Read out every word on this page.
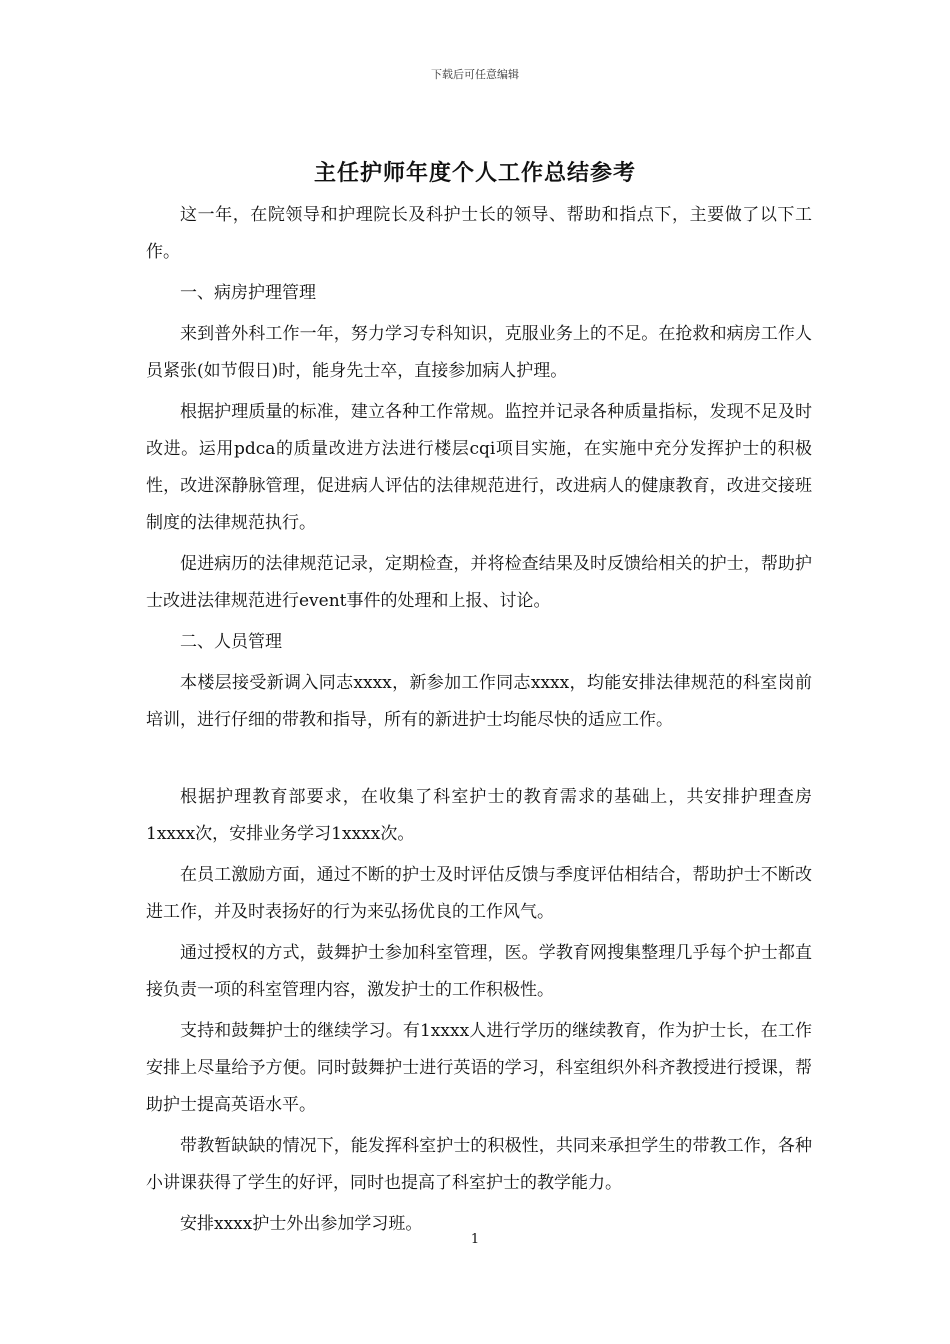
下载后可任意编辑
主任护师年度个人工作总结参考

这一年，在院领导和护理院长及科护士长的领导、帮助和指点下，主要做了以下工作。

一、病房护理管理

来到普外科工作一年，努力学习专科知识，克服业务上的不足。在抢救和病房工作人员紧张(如节假日)时，能身先士卒，直接参加病人护理。

根据护理质量的标准，建立各种工作常规。监控并记录各种质量指标，发现不足及时改进。运用pdca的质量改进方法进行楼层cqi项目实施，在实施中充分发挥护士的积极性，改进深静脉管理，促进病人评估的法律规范进行，改进病人的健康教育，改进交接班制度的法律规范执行。

促进病历的法律规范记录，定期检查，并将检查结果及时反馈给相关的护士，帮助护士改进法律规范进行event事件的处理和上报、讨论。

二、人员管理

本楼层接受新调入同志xxxx，新参加工作同志xxxx，均能安排法律规范的科室岗前培训，进行仔细的带教和指导，所有的新进护士均能尽快的适应工作。

根据护理教育部要求，在收集了科室护士的教育需求的基础上，共安排护理查房1xxxx次，安排业务学习1xxxx次。

在员工激励方面，通过不断的护士及时评估反馈与季度评估相结合，帮助护士不断改进工作，并及时表扬好的行为来弘扬优良的工作风气。

通过授权的方式，鼓舞护士参加科室管理，医。学教育网搜集整理几乎每个护士都直接负责一项的科室管理内容，激发护士的工作积极性。

支持和鼓舞护士的继续学习。有1xxxx人进行学历的继续教育，作为护士长，在工作安排上尽量给予方便。同时鼓舞护士进行英语的学习，科室组织外科齐教授进行授课，帮助护士提高英语水平。

带教暂缺缺的情况下，能发挥科室护士的积极性，共同来承担学生的带教工作，各种小讲课获得了学生的好评，同时也提高了科室护士的教学能力。

安排xxxx护士外出参加学习班。

1
